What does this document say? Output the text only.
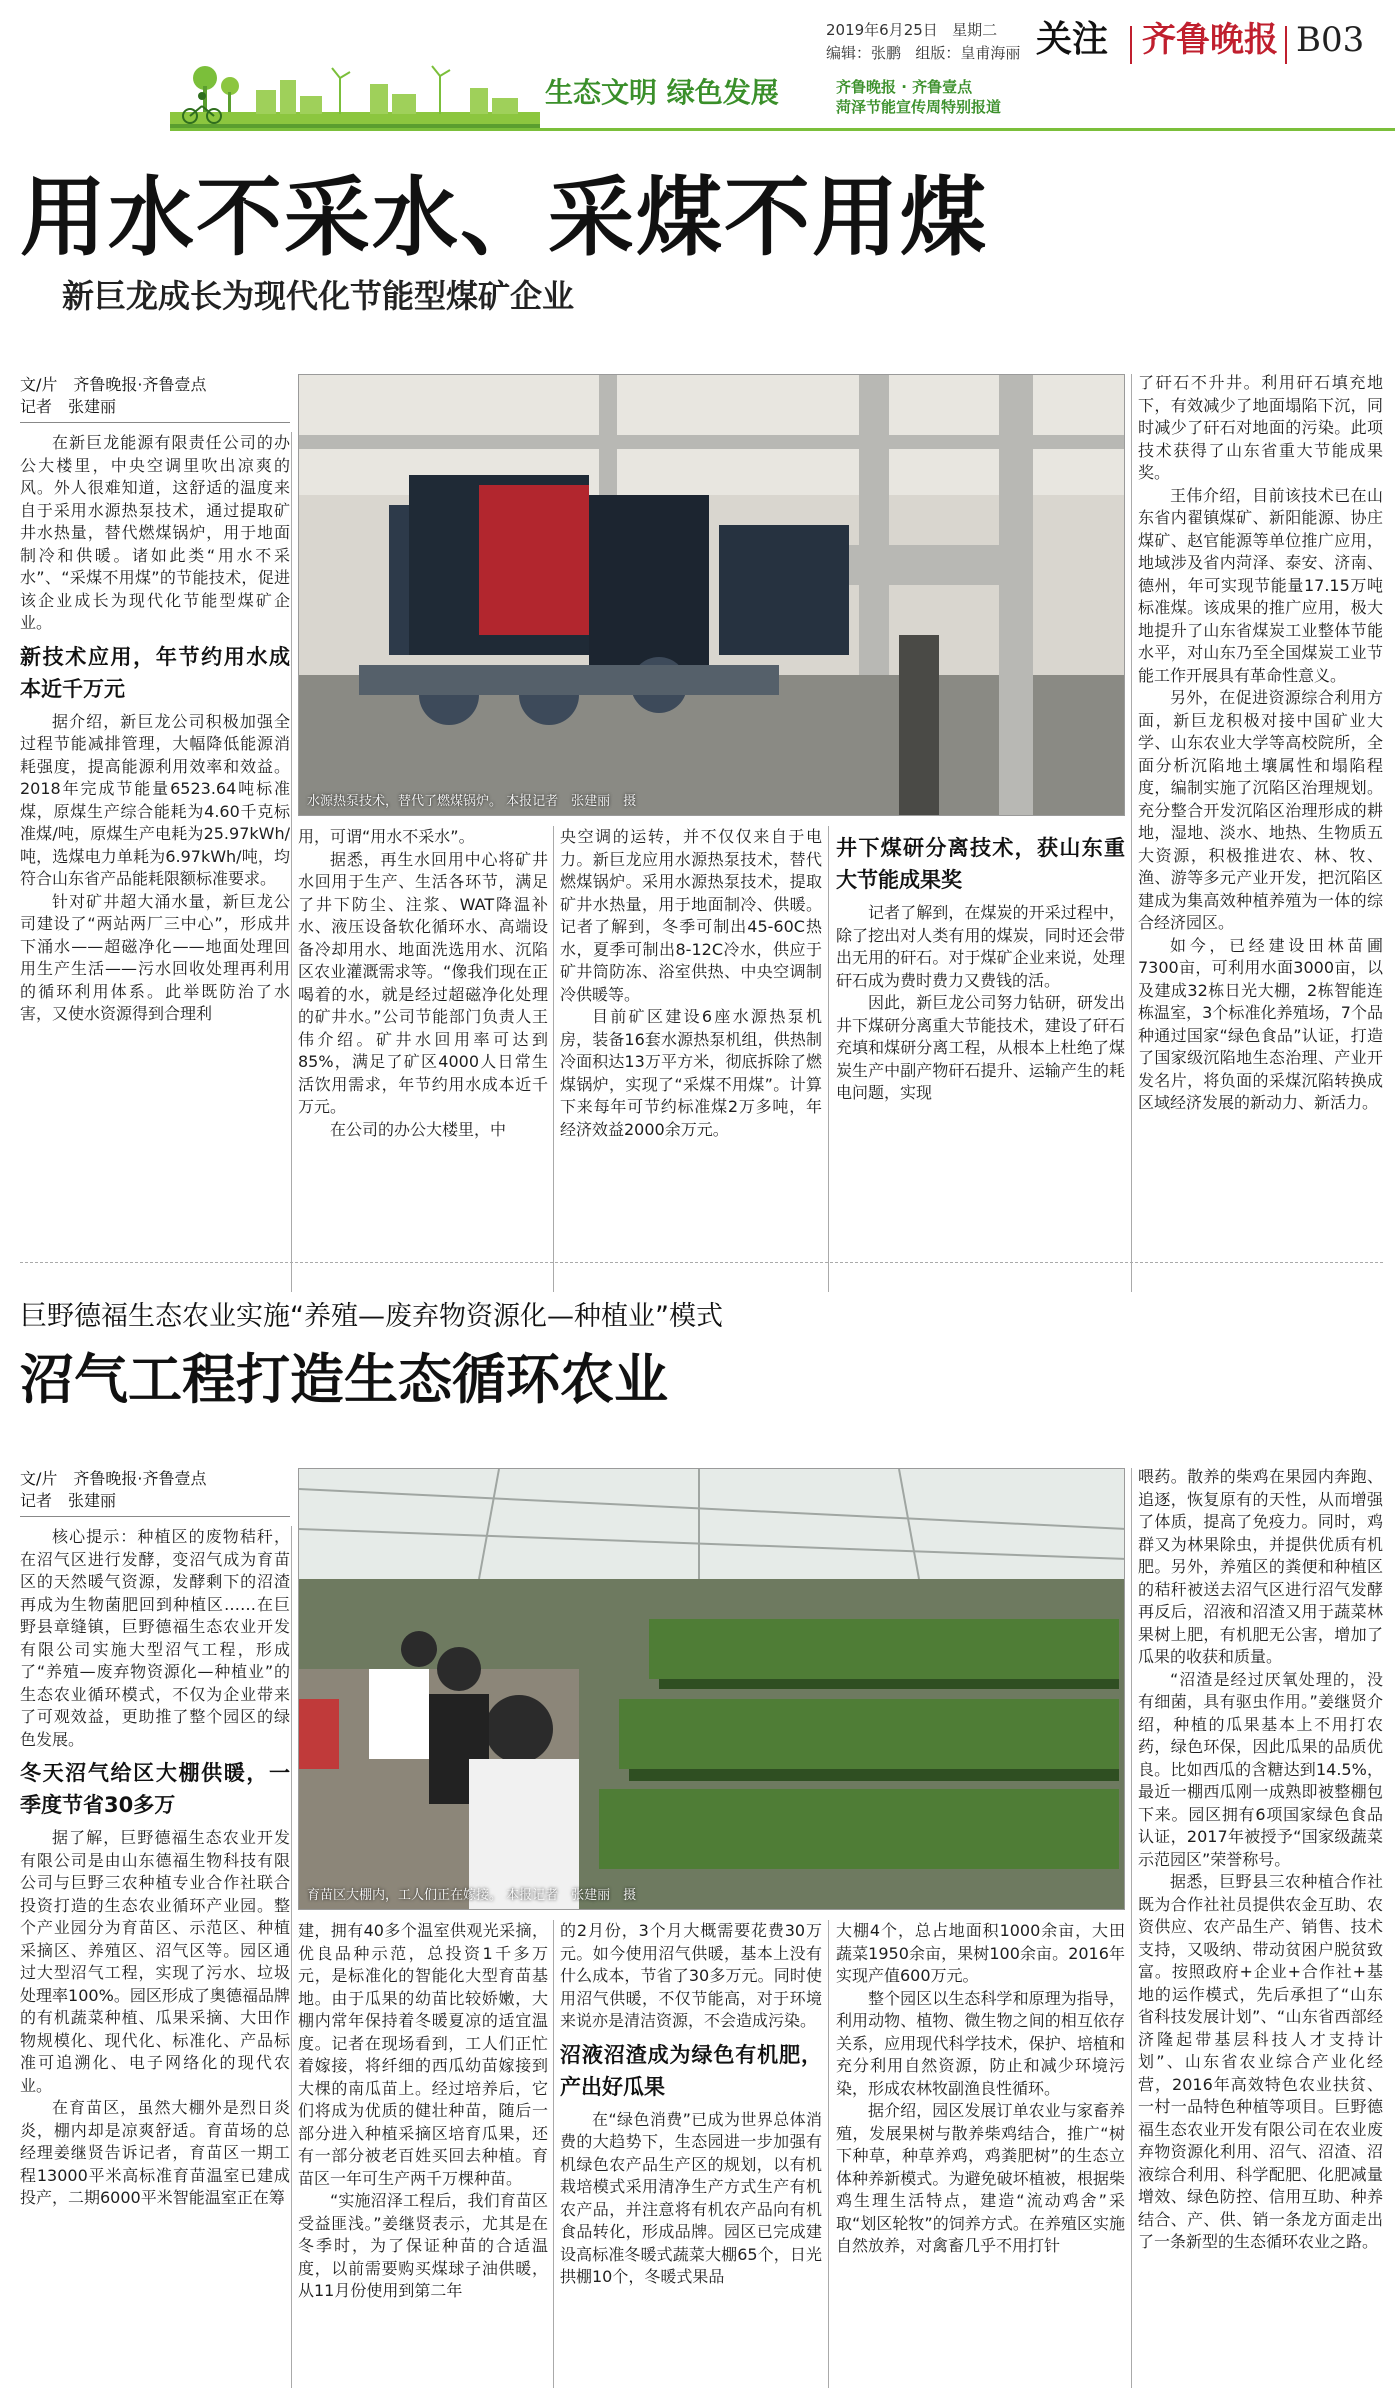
2019年6月25日 星期二
编辑：张鹏 组版：皇甫海丽 关注 齐鲁晚报 B03
生态文明 绿色发展	齐鲁晚报 · 齐鲁壹点
菏泽节能宣传周特别报道
用水不采水、采煤不用煤
新巨龙成长为现代化节能型煤矿企业
文/片　齐鲁晚报·齐鲁壹点
记者　张建丽
水源热泵技术，替代了燃煤锅炉。 本报记者　张建丽　摄

在新巨龙能源有限责任公司的办公大楼里，中央空调里吹出凉爽的风。外人很难知道，这舒适的温度来自于采用水源热泵技术，通过提取矿井水热量，替代燃煤锅炉，用于地面制冷和供暖。诸如此类“用水不采水”、“采煤不用煤”的节能技术，促进该企业成长为现代化节能型煤矿企业。

新技术应用，年节约用水成本近千万元

据介绍，新巨龙公司积极加强全过程节能减排管理，大幅降低能源消耗强度，提高能源利用效率和效益。2018年完成节能量6523.64吨标准煤，原煤生产综合能耗为4.60千克标准煤/吨，原煤生产电耗为25.97kWh/吨，选煤电力单耗为6.97kWh/吨，均符合山东省产品能耗限额标准要求。

针对矿井超大涌水量，新巨龙公司建设了“两站两厂三中心”，形成井下涌水——超磁净化——地面处理回用生产生活——污水回收处理再利用的循环利用体系。此举既防治了水害，又使水资源得到合理利

用，可谓“用水不采水”。

据悉，再生水回用中心将矿井水回用于生产、生活各环节，满足了井下防尘、注浆、WAT降温补水、液压设备软化循环水、高端设备冷却用水、地面洗选用水、沉陷区农业灌溉需求等。“像我们现在正喝着的水，就是经过超磁净化处理的矿井水。”公司节能部门负责人王伟介绍。矿井水回用率可达到85%，满足了矿区4000人日常生活饮用需求，年节约用水成本近千万元。

在公司的办公大楼里，中

央空调的运转，并不仅仅来自于电力。新巨龙应用水源热泵技术，替代燃煤锅炉。采用水源热泵技术，提取矿井水热量，用于地面制冷、供暖。记者了解到，冬季可制出45-60C热水，夏季可制出8-12C冷水，供应于矿井筒防冻、浴室供热、中央空调制冷供暖等。

目前矿区建设6座水源热泵机房，装备16套水源热泵机组，供热制冷面积达13万平方米，彻底拆除了燃煤锅炉，实现了“采煤不用煤”。计算下来每年可节约标准煤2万多吨，年经济效益2000余万元。

井下煤研分离技术，获山东重大节能成果奖

记者了解到，在煤炭的开采过程中，除了挖出对人类有用的煤炭，同时还会带出无用的矸石。对于煤矿企业来说，处理矸石成为费时费力又费钱的活。

因此，新巨龙公司努力钻研，研发出井下煤研分离重大节能技术，建设了矸石充填和煤研分离工程，从根本上杜绝了煤炭生产中副产物矸石提升、运输产生的耗电问题，实现

了矸石不升井。利用矸石填充地下，有效减少了地面塌陷下沉，同时减少了矸石对地面的污染。此项技术获得了山东省重大节能成果奖。

王伟介绍，目前该技术已在山东省内翟镇煤矿、新阳能源、协庄煤矿、赵官能源等单位推广应用，地域涉及省内菏泽、泰安、济南、德州，年可实现节能量17.15万吨标准煤。该成果的推广应用，极大地提升了山东省煤炭工业整体节能水平，对山东乃至全国煤炭工业节能工作开展具有革命性意义。

另外，在促进资源综合利用方面，新巨龙积极对接中国矿业大学、山东农业大学等高校院所，全面分析沉陷地土壤属性和塌陷程度，编制实施了沉陷区治理规划。充分整合开发沉陷区治理形成的耕地，湿地、淡水、地热、生物质五大资源，积极推进农、林、牧、渔、游等多元产业开发，把沉陷区建成为集高效种植养殖为一体的综合经济园区。

如今，已经建设田林苗圃7300亩，可利用水面3000亩，以及建成32栋日光大棚，2栋智能连栋温室，3个标准化养殖场，7个品种通过国家“绿色食品”认证，打造了国家级沉陷地生态治理、产业开发名片，将负面的采煤沉陷转换成区域经济发展的新动力、新活力。

巨野德福生态农业实施“养殖—废弃物资源化—种植业”模式
沼气工程打造生态循环农业
文/片　齐鲁晚报·齐鲁壹点
记者　张建丽
育苗区大棚内，工人们正在嫁接。 本报记者　张建丽　摄

核心提示：种植区的废物秸秆，在沼气区进行发酵，变沼气成为育苗区的天然暖气资源，发酵剩下的沼渣再成为生物菌肥回到种植区……在巨野县章缝镇，巨野德福生态农业开发有限公司实施大型沼气工程，形成了“养殖—废弃物资源化—种植业”的生态农业循环模式，不仅为企业带来了可观效益，更助推了整个园区的绿色发展。

冬天沼气给区大棚供暖，一季度节省30多万

据了解，巨野德福生态农业开发有限公司是由山东德福生物科技有限公司与巨野三农种植专业合作社联合投资打造的生态农业循环产业园。整个产业园分为育苗区、示范区、种植采摘区、养殖区、沼气区等。园区通过大型沼气工程，实现了污水、垃圾处理率100%。园区形成了奥德福品牌的有机蔬菜种植、瓜果采摘、大田作物规模化、现代化、标准化、产品标准可追溯化、电子网络化的现代农业。

在育苗区，虽然大棚外是烈日炎炎，棚内却是凉爽舒适。育苗场的总经理姜继贤告诉记者，育苗区一期工程13000平米高标准育苗温室已建成投产，二期6000平米智能温室正在筹

建，拥有40多个温室供观光采摘，优良品种示范，总投资1千多万元，是标准化的智能化大型育苗基地。由于瓜果的幼苗比较娇嫩，大棚内常年保持着冬暖夏凉的适宜温度。记者在现场看到，工人们正忙着嫁接，将纤细的西瓜幼苗嫁接到大棵的南瓜苗上。经过培养后，它们将成为优质的健壮种苗，随后一部分进入种植采摘区培育瓜果，还有一部分被老百姓买回去种植。育苗区一年可生产两千万棵种苗。

“实施沼泽工程后，我们育苗区受益匪浅。”姜继贤表示，尤其是在冬季时，为了保证种苗的合适温度，以前需要购买煤球子油供暖，从11月份使用到第二年

的2月份，3个月大概需要花费30万元。如今使用沼气供暖，基本上没有什么成本，节省了30多万元。同时使用沼气供暖，不仅节能高，对于环境来说亦是清洁资源，不会造成污染。

沼液沼渣成为绿色有机肥，产出好瓜果

在“绿色消费”已成为世界总体消费的大趋势下，生态园进一步加强有机绿色农产品生产区的规划，以有机栽培模式采用清净生产方式生产有机农产品，并注意将有机农产品向有机食品转化，形成品牌。园区已完成建设高标准冬暖式蔬菜大棚65个，日光拱棚10个，冬暖式果品

大棚4个，总占地面积1000余亩，大田蔬菜1950余亩，果树100余亩。2016年实现产值600万元。

整个园区以生态科学和原理为指导，利用动物、植物、微生物之间的相互依存关系，应用现代科学技术，保护、培植和充分利用自然资源，防止和减少环境污染，形成农林牧副渔良性循环。

据介绍，园区发展订单农业与家畜养殖，发展果树与散养柴鸡结合，推广“树下种草，种草养鸡，鸡粪肥树”的生态立体种养新模式。为避免破坏植被，根据柴鸡生理生活特点，建造“流动鸡舍”采取“划区轮牧”的饲养方式。在养殖区实施自然放养，对禽畜几乎不用打针

喂药。散养的柴鸡在果园内奔跑、追逐，恢复原有的天性，从而增强了体质，提高了免疫力。同时，鸡群又为林果除虫，并提供优质有机肥。另外，养殖区的粪便和种植区的秸秆被送去沼气区进行沼气发酵再反后，沼液和沼渣又用于蔬菜林果树上肥，有机肥无公害，增加了瓜果的收获和质量。

“沼渣是经过厌氧处理的，没有细菌，具有驱虫作用。”姜继贤介绍，种植的瓜果基本上不用打农药，绿色环保，因此瓜果的品质优良。比如西瓜的含糖达到14.5%，最近一棚西瓜刚一成熟即被整棚包下来。园区拥有6项国家绿色食品认证，2017年被授予“国家级蔬菜示范园区”荣誉称号。

据悉，巨野县三农种植合作社既为合作社社员提供农金互助、农资供应、农产品生产、销售、技术支持，又吸纳、带动贫困户脱贫致富。按照政府+企业+合作社+基地的运作模式，先后承担了“山东省科技发展计划”、“山东省西部经济隆起带基层科技人才支持计划”、山东省农业综合产业化经营，2016年高效特色农业扶贫、一村一品特色种植等项目。巨野德福生态农业开发有限公司在农业废弃物资源化利用、沼气、沼渣、沼液综合利用、科学配肥、化肥减量增效、绿色防控、信用互助、种养结合、产、供、销一条龙方面走出了一条新型的生态循环农业之路。
